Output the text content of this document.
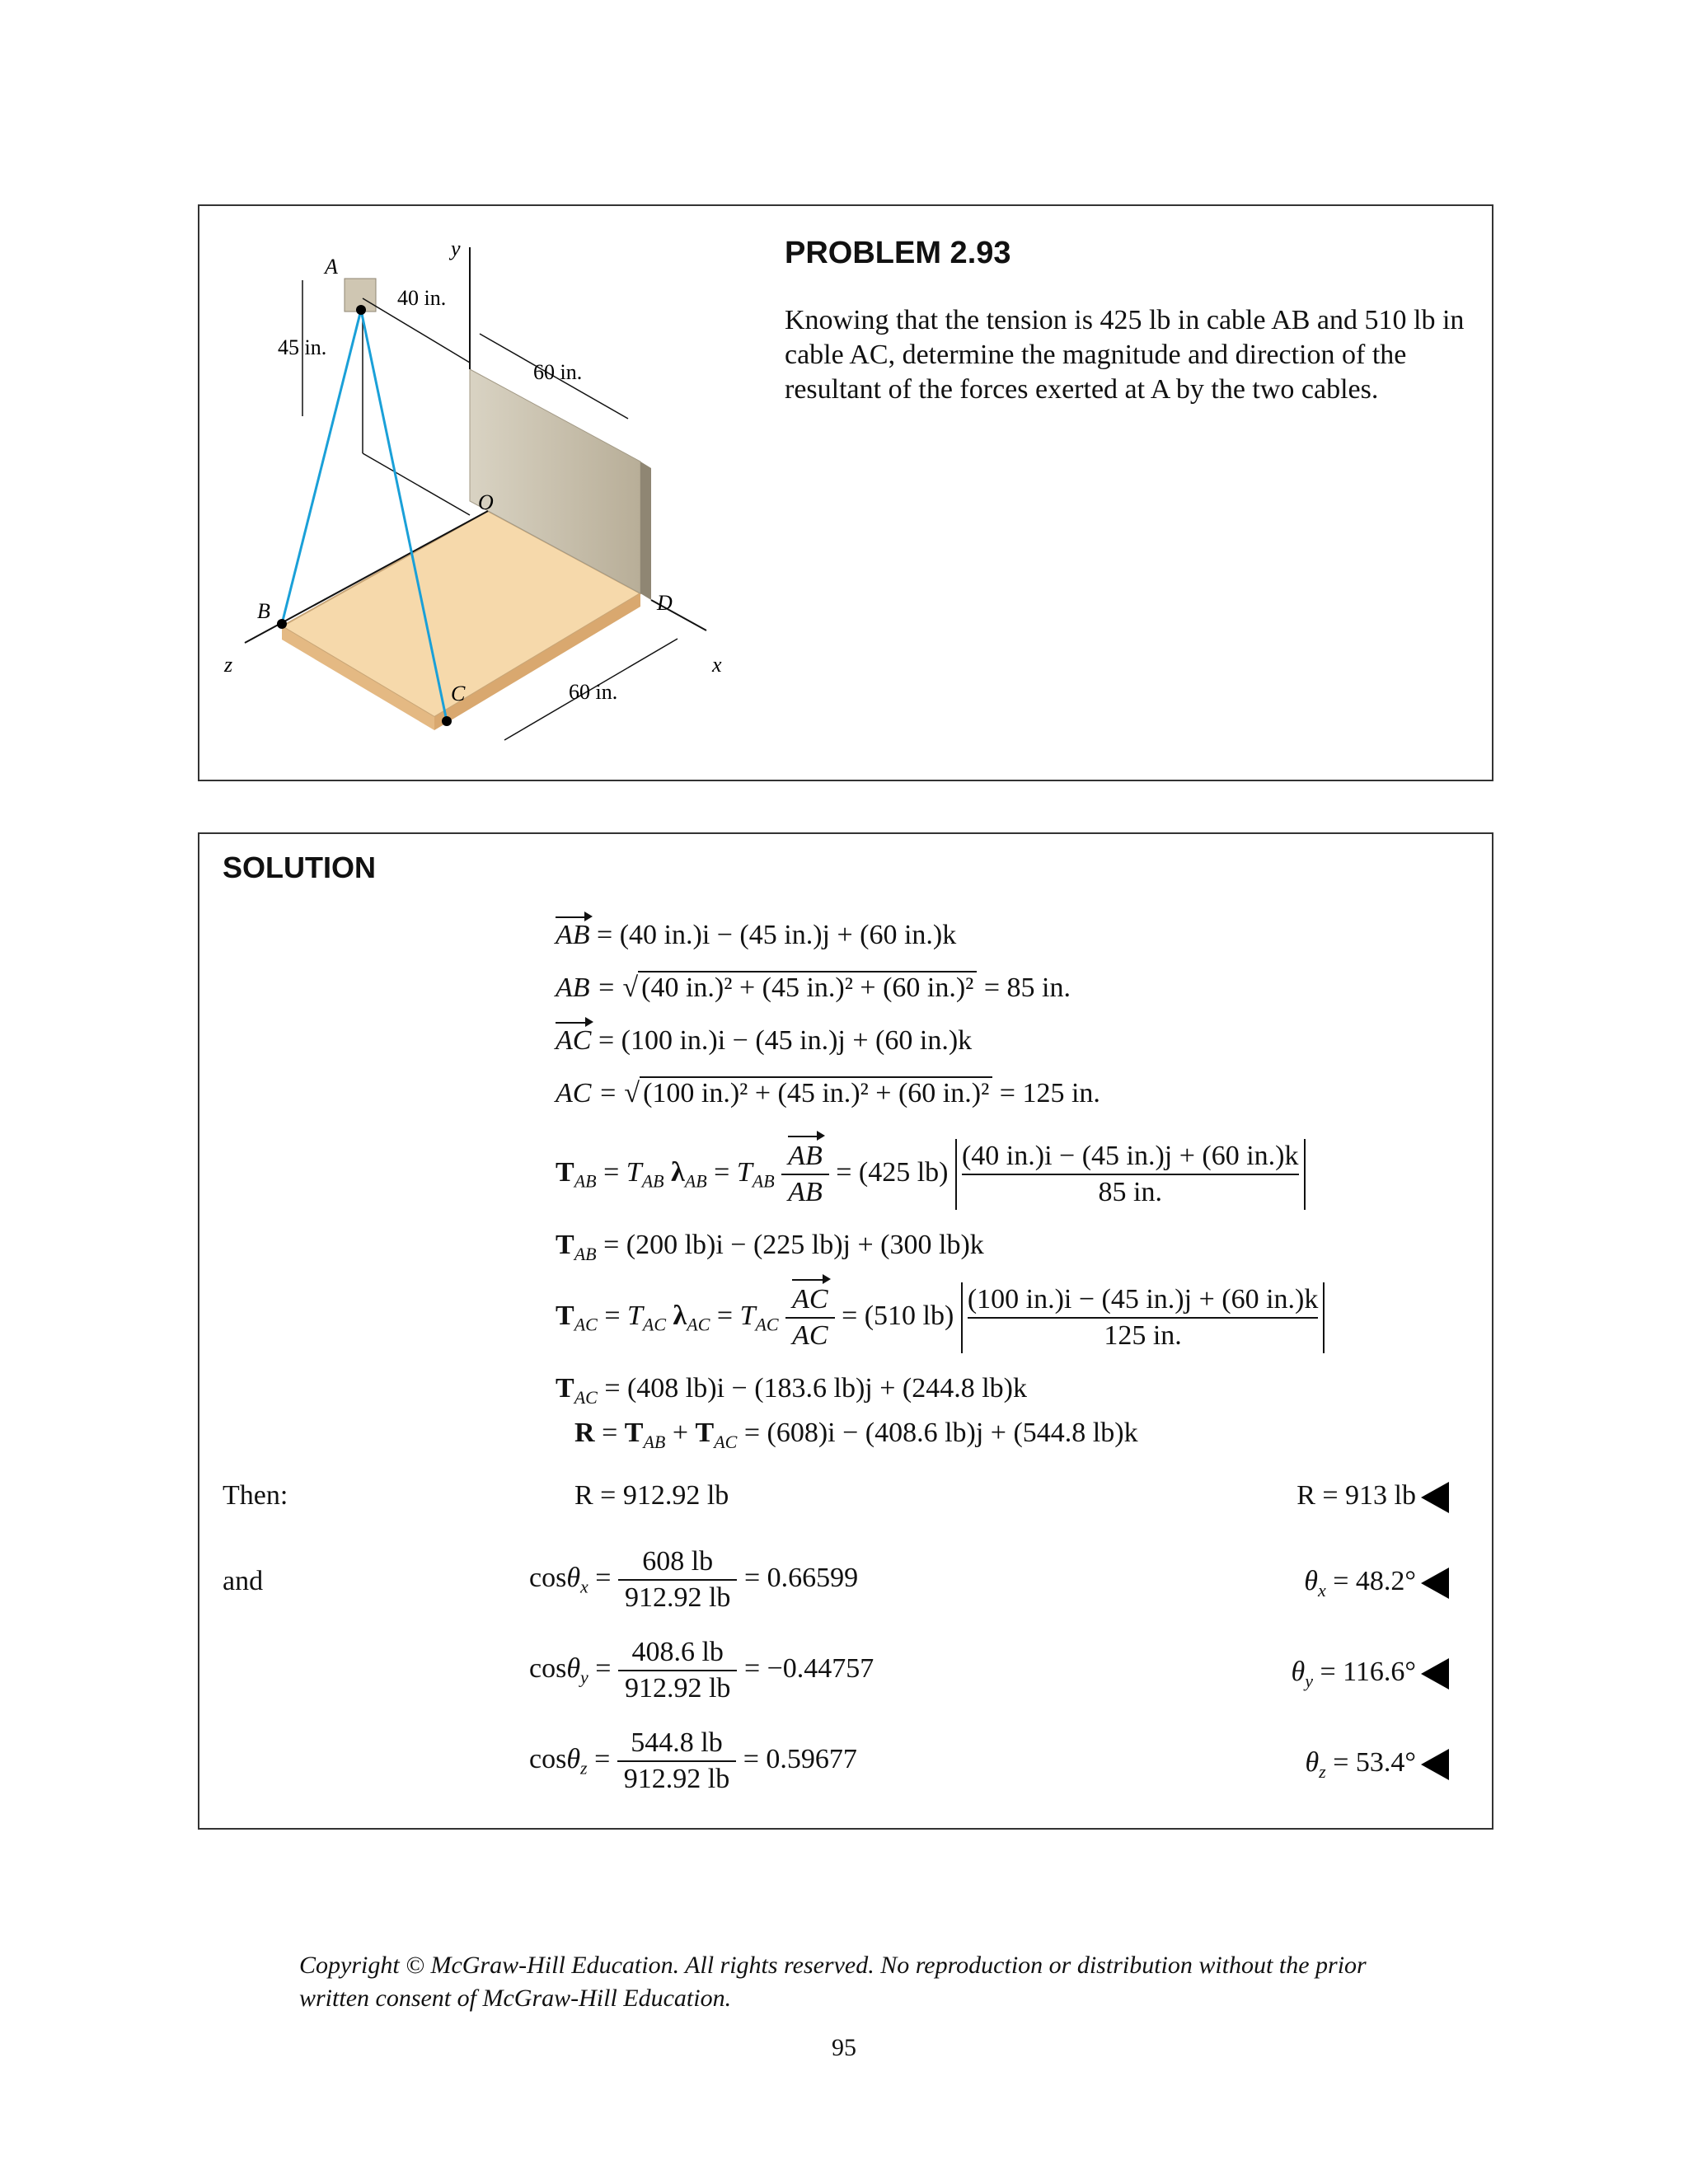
y
A
40 in.
45 in.
60 in.
O
B	D
z	x
C	60 in.
PROBLEM 2.93
Knowing that the tension is 425 lb in cable AB and 510 lb in cable AC, determine the magnitude and direction of the resultant of the forces exerted at A by the two cables.
SOLUTION
AB = (40 in.)i − (45 in.)j + (60 in.)k
AB = √ (40 in.)² + (45 in.)² + (60 in.)² = 85 in.
AC = (100 in.)i − (45 in.)j + (60 in.)k
AC = √ (100 in.)² + (45 in.)² + (60 in.)² = 125 in.
$T_{AB} = T_{AB}$ $\lambda_{AB} = T_{AB} \frac{AB}{AB} = (425$ $lb) \frac{(40 in.)i - (45 in.)j + (60 in.)k}{85 in.}$
$T_{AB} = (200$ lb)i − (225 lb)j + (300 lb)k
$T_{AC} = T_{AC}$ $\lambda_{AC} = T_{AC} \frac{AC}{AC} = (510$ $lb) \frac{(100 in.)i - (45 in.)j + (60 in.)k}{125 in.}$
$T_{AC} = (408$ lb)i − (183.6 lb)j + (244.8 lb)k
$R = T_{AB} + T_{AC} = (608)i - (408.6$ lb)j + (544.8 lb)k
Then:	R = 912.92 lb	R = 913 lb
and	$\cos\theta_x = \frac{608 lb}{912.92 lb} = 0.66599$	$\theta_x = 48.2^\circ$
$\cos\theta_y = \frac{408.6 lb}{912.92 lb} = -0.44757$	$\theta_y = 116.6^\circ$
$\cos\theta_z = \frac{544.8 lb}{912.92 lb} = 0.59677$	$\theta_z = 53.4^\circ$
Copyright © McGraw-Hill Education. All rights reserved. No reproduction or distribution without the prior written consent of McGraw-Hill Education.
95
